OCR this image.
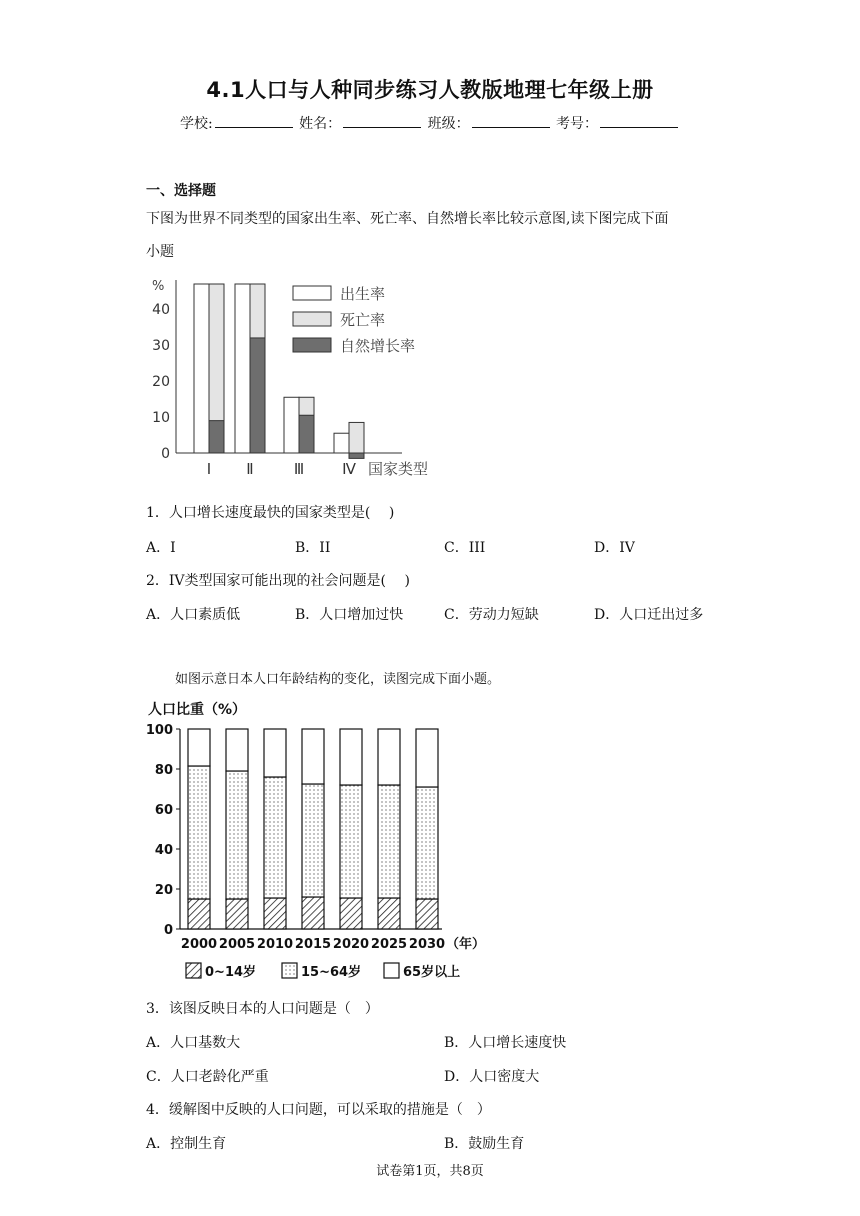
4.1人口与人种同步练习人教版地理七年级上册
学校:	姓名：	班级：	考号：
一、选择题
下图为世界不同类型的国家出生率、死亡率、自然增长率比较示意图,读下图完成下面
小题
%
0
10
20
30
40
Ⅰ Ⅱ	Ⅲ	Ⅳ 国家类型
出生率
死亡率
自然增长率
1．人口增长速度最快的国家类型是(　 )
A．I	B．II	C．III	D．IV
2．IV类型国家可能出现的社会问题是(　 )
A．人口素质低	B．人口增加过快	C．劳动力短缺	D．人口迁出过多
如图示意日本人口年龄结构的变化，读图完成下面小题。
人口比重（%）
0
20
40
60
80
100
2000 2005 2010 2015 2020 2025 2030 （年）
0~14岁	15~64岁	65岁以上
3．该图反映日本的人口问题是（　）
A．人口基数大	B．人口增长速度快
C．人口老龄化严重	D．人口密度大
4．缓解图中反映的人口问题，可以采取的措施是（　）
A．控制生育	B．鼓励生育
试卷第1页，共8页
